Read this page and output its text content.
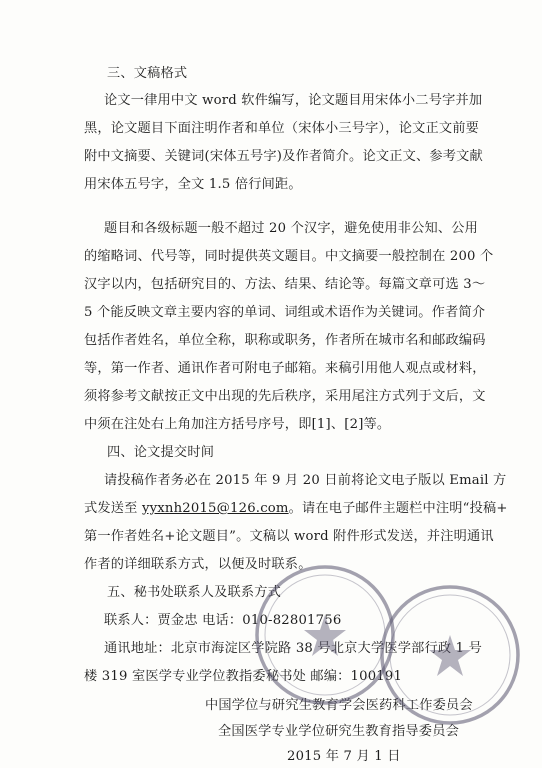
三、文稿格式
论文一律用中文 word 软件编写，论文题目用宋体小二号字并加
黑，论文题目下面注明作者和单位（宋体小三号字），论文正文前要
附中文摘要、关键词(宋体五号字)及作者简介。论文正文、参考文献
用宋体五号字，全文 1.5 倍行间距。
题目和各级标题一般不超过 20 个汉字，避免使用非公知、公用
的缩略词、代号等，同时提供英文题目。中文摘要一般控制在 200 个
汉字以内，包括研究目的、方法、结果、结论等。每篇文章可选 3～
5 个能反映文章主要内容的单词、词组或术语作为关键词。作者简介
包括作者姓名，单位全称，职称或职务，作者所在城市名和邮政编码
等，第一作者、通讯作者可附电子邮箱。来稿引用他人观点或材料，
须将参考文献按正文中出现的先后秩序，采用尾注方式列于文后，文
中须在注处右上角加注方括号序号，即[1]、[2]等。
四、论文提交时间
请投稿作者务必在 2015 年 9 月 20 日前将论文电子版以 Email 方
式发送至 yyxnh2015@126.com。请在电子邮件主题栏中注明“投稿+
第一作者姓名+论文题目”。文稿以 word 附件形式发送，并注明通讯
作者的详细联系方式，以便及时联系。
五、秘书处联系人及联系方式
联系人：贾金忠 电话：010-82801756
通讯地址：北京市海淀区学院路 38 号北京大学医学部行政 1 号
楼 319 室医学专业学位教指委秘书处 邮编：100191
中国学位与研究生教育学会医药科工作委员会
全国医学专业学位研究生教育指导委员会
2015 年 7 月 1 日
